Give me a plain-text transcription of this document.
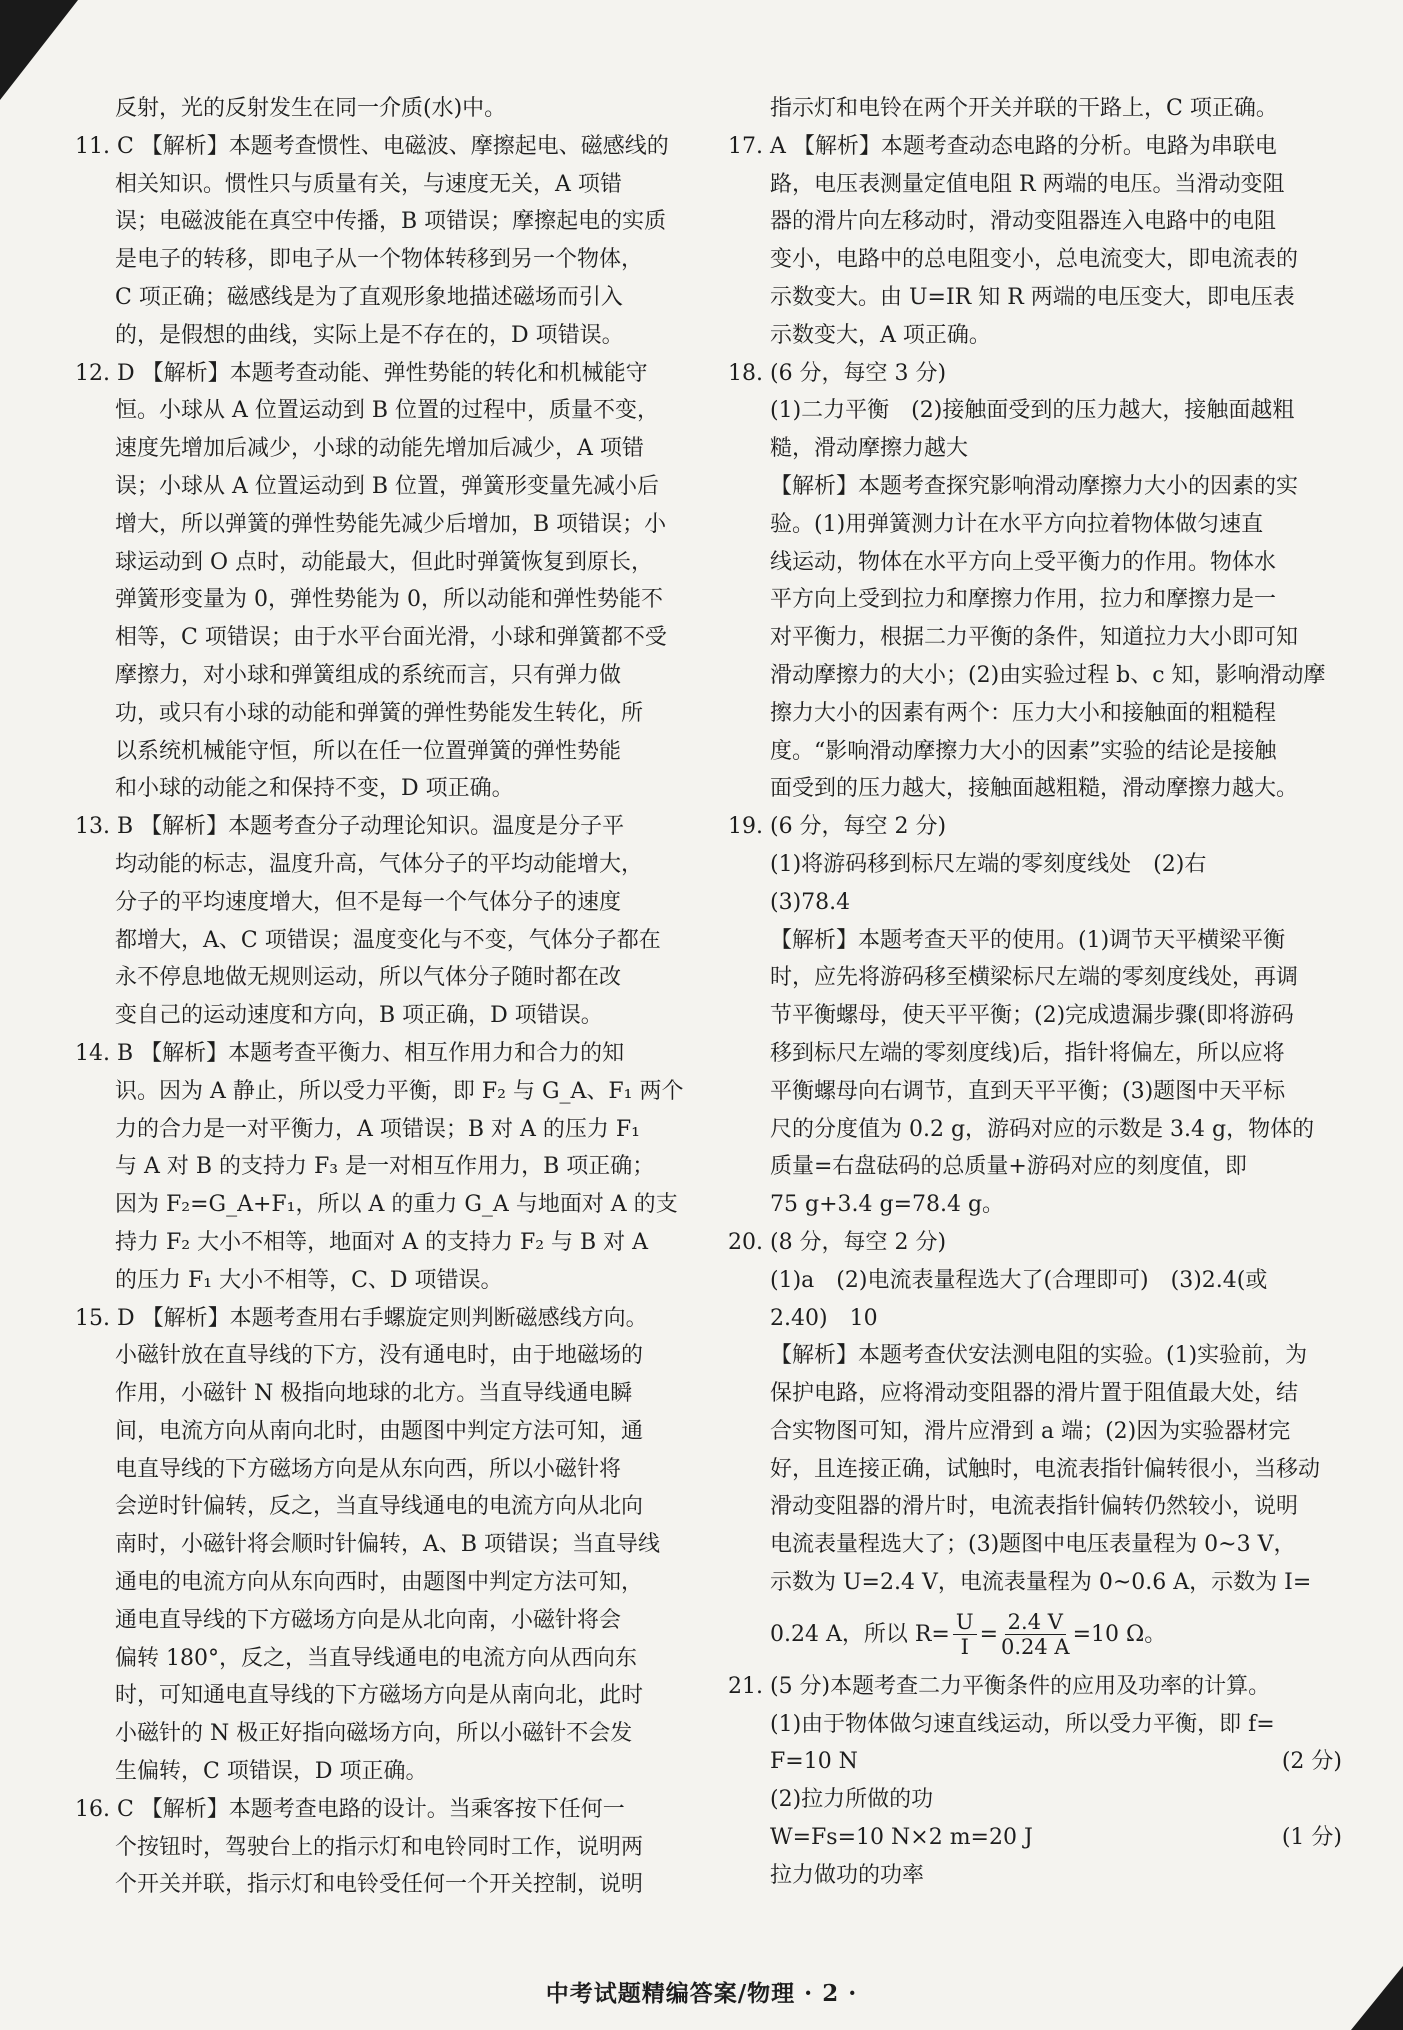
反射，光的反射发生在同一介质(水)中。
11. C 【解析】本题考查惯性、电磁波、摩擦起电、磁感线的
相关知识。惯性只与质量有关，与速度无关，A 项错
误；电磁波能在真空中传播，B 项错误；摩擦起电的实质
是电子的转移，即电子从一个物体转移到另一个物体，
C 项正确；磁感线是为了直观形象地描述磁场而引入
的，是假想的曲线，实际上是不存在的，D 项错误。
12. D 【解析】本题考查动能、弹性势能的转化和机械能守
恒。小球从 A 位置运动到 B 位置的过程中，质量不变，
速度先增加后减少，小球的动能先增加后减少，A 项错
误；小球从 A 位置运动到 B 位置，弹簧形变量先减小后
增大，所以弹簧的弹性势能先减少后增加，B 项错误；小
球运动到 O 点时，动能最大，但此时弹簧恢复到原长，
弹簧形变量为 0，弹性势能为 0，所以动能和弹性势能不
相等，C 项错误；由于水平台面光滑，小球和弹簧都不受
摩擦力，对小球和弹簧组成的系统而言，只有弹力做
功，或只有小球的动能和弹簧的弹性势能发生转化，所
以系统机械能守恒，所以在任一位置弹簧的弹性势能
和小球的动能之和保持不变，D 项正确。
13. B 【解析】本题考查分子动理论知识。温度是分子平
均动能的标志，温度升高，气体分子的平均动能增大，
分子的平均速度增大，但不是每一个气体分子的速度
都增大，A、C 项错误；温度变化与不变，气体分子都在
永不停息地做无规则运动，所以气体分子随时都在改
变自己的运动速度和方向，B 项正确，D 项错误。
14. B 【解析】本题考查平衡力、相互作用力和合力的知
识。因为 A 静止，所以受力平衡，即 F₂ 与 G_A、F₁ 两个
力的合力是一对平衡力，A 项错误；B 对 A 的压力 F₁
与 A 对 B 的支持力 F₃ 是一对相互作用力，B 项正确；
因为 F₂=G_A+F₁，所以 A 的重力 G_A 与地面对 A 的支
持力 F₂ 大小不相等，地面对 A 的支持力 F₂ 与 B 对 A
的压力 F₁ 大小不相等，C、D 项错误。
15. D 【解析】本题考查用右手螺旋定则判断磁感线方向。
小磁针放在直导线的下方，没有通电时，由于地磁场的
作用，小磁针 N 极指向地球的北方。当直导线通电瞬
间，电流方向从南向北时，由题图中判定方法可知，通
电直导线的下方磁场方向是从东向西，所以小磁针将
会逆时针偏转，反之，当直导线通电的电流方向从北向
南时，小磁针将会顺时针偏转，A、B 项错误；当直导线
通电的电流方向从东向西时，由题图中判定方法可知，
通电直导线的下方磁场方向是从北向南，小磁针将会
偏转 180°，反之，当直导线通电的电流方向从西向东
时，可知通电直导线的下方磁场方向是从南向北，此时
小磁针的 N 极正好指向磁场方向，所以小磁针不会发
生偏转，C 项错误，D 项正确。
16. C 【解析】本题考查电路的设计。当乘客按下任何一
个按钮时，驾驶台上的指示灯和电铃同时工作，说明两
个开关并联，指示灯和电铃受任何一个开关控制，说明
指示灯和电铃在两个开关并联的干路上，C 项正确。
17. A 【解析】本题考查动态电路的分析。电路为串联电
路，电压表测量定值电阻 R 两端的电压。当滑动变阻
器的滑片向左移动时，滑动变阻器连入电路中的电阻
变小，电路中的总电阻变小，总电流变大，即电流表的
示数变大。由 U=IR 知 R 两端的电压变大，即电压表
示数变大，A 项正确。
18. (6 分，每空 3 分)
(1)二力平衡　(2)接触面受到的压力越大，接触面越粗
糙，滑动摩擦力越大
【解析】本题考查探究影响滑动摩擦力大小的因素的实
验。(1)用弹簧测力计在水平方向拉着物体做匀速直
线运动，物体在水平方向上受平衡力的作用。物体水
平方向上受到拉力和摩擦力作用，拉力和摩擦力是一
对平衡力，根据二力平衡的条件，知道拉力大小即可知
滑动摩擦力的大小；(2)由实验过程 b、c 知，影响滑动摩
擦力大小的因素有两个：压力大小和接触面的粗糙程
度。“影响滑动摩擦力大小的因素”实验的结论是接触
面受到的压力越大，接触面越粗糙，滑动摩擦力越大。
19. (6 分，每空 2 分)
(1)将游码移到标尺左端的零刻度线处　(2)右
(3)78.4
【解析】本题考查天平的使用。(1)调节天平横梁平衡
时，应先将游码移至横梁标尺左端的零刻度线处，再调
节平衡螺母，使天平平衡；(2)完成遗漏步骤(即将游码
移到标尺左端的零刻度线)后，指针将偏左，所以应将
平衡螺母向右调节，直到天平平衡；(3)题图中天平标
尺的分度值为 0.2 g，游码对应的示数是 3.4 g，物体的
质量=右盘砝码的总质量+游码对应的刻度值，即
75 g+3.4 g=78.4 g。
20. (8 分，每空 2 分)
(1)a　(2)电流表量程选大了(合理即可)　(3)2.4(或
2.40)　10
【解析】本题考查伏安法测电阻的实验。(1)实验前，为
保护电路，应将滑动变阻器的滑片置于阻值最大处，结
合实物图可知，滑片应滑到 a 端；(2)因为实验器材完
好，且连接正确，试触时，电流表指针偏转很小，当移动
滑动变阻器的滑片时，电流表指针偏转仍然较小，说明
电流表量程选大了；(3)题图中电压表量程为 0~3 V，
示数为 U=2.4 V，电流表量程为 0~0.6 A，示数为 I=
0.24 A，所以 $R= \frac{U}{I} = \frac{2.4 V}{0.24 A} =10$ Ω。
21. (5 分)本题考查二力平衡条件的应用及功率的计算。
(1)由于物体做匀速直线运动，所以受力平衡，即 f=
F=10 N	(2 分)
(2)拉力所做的功
W=Fs=10 N×2 m=20 J	(1 分)
拉力做功的功率
中考试题精编答案/物理 · 2 ·
